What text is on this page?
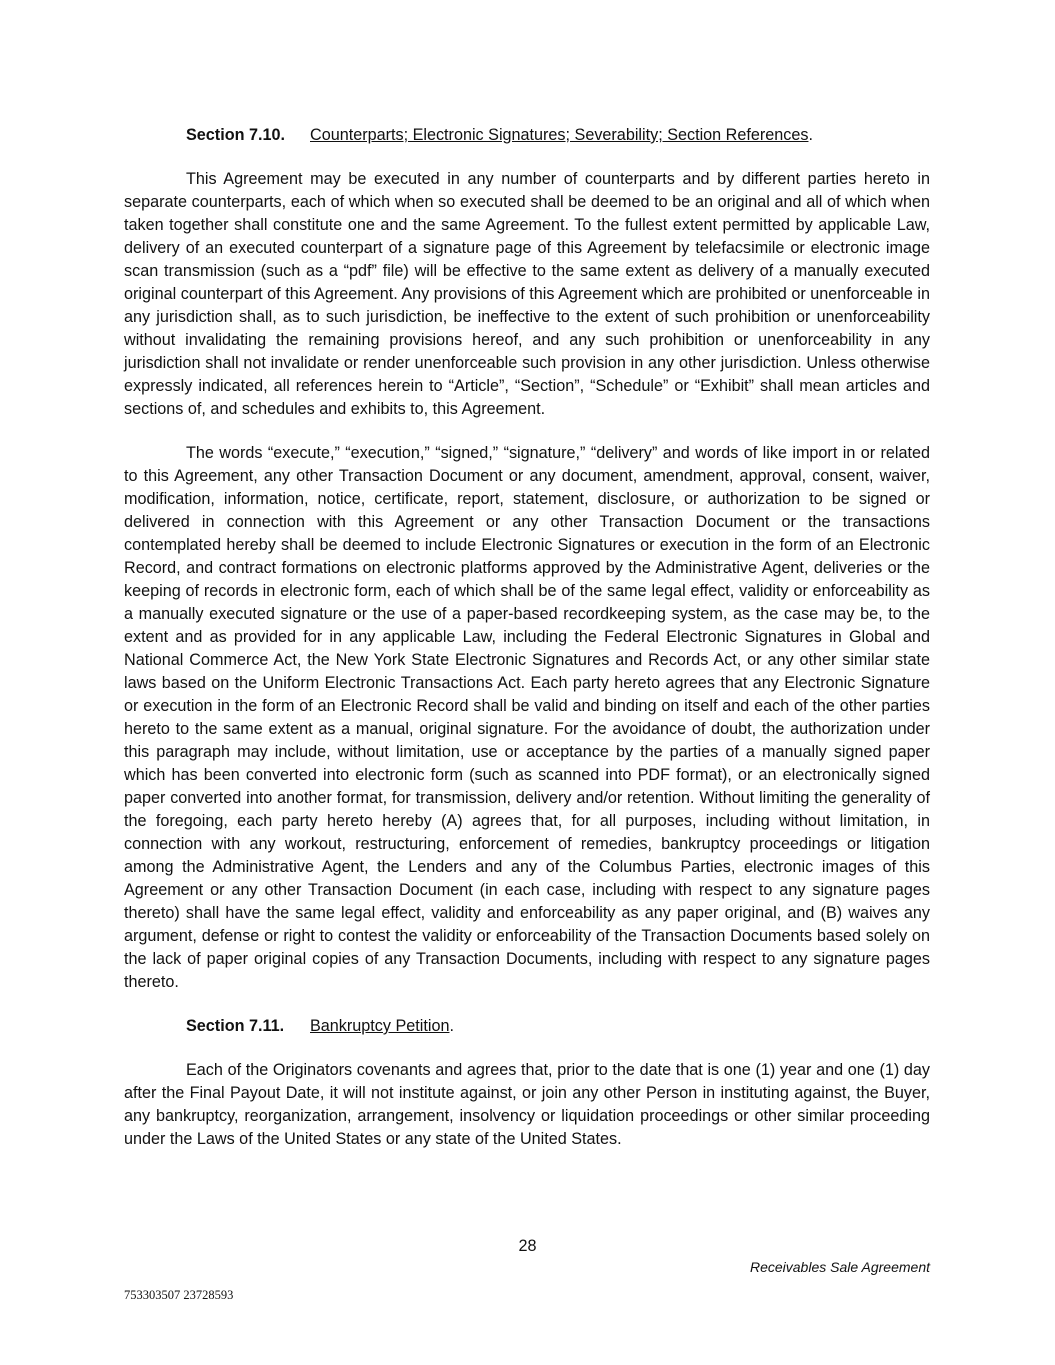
Section 7.10. Counterparts; Electronic Signatures; Severability; Section References.

This Agreement may be executed in any number of counterparts and by different parties hereto in separate counterparts, each of which when so executed shall be deemed to be an original and all of which when taken together shall constitute one and the same Agreement. To the fullest extent permitted by applicable Law, delivery of an executed counterpart of a signature page of this Agreement by telefacsimile or electronic image scan transmission (such as a “pdf” file) will be effective to the same extent as delivery of a manually executed original counterpart of this Agreement. Any provisions of this Agreement which are prohibited or unenforceable in any jurisdiction shall, as to such jurisdiction, be ineffective to the extent of such prohibition or unenforceability without invalidating the remaining provisions hereof, and any such prohibition or unenforceability in any jurisdiction shall not invalidate or render unenforceable such provision in any other jurisdiction. Unless otherwise expressly indicated, all references herein to “Article”, “Section”, “Schedule” or “Exhibit” shall mean articles and sections of, and schedules and exhibits to, this Agreement.

The words “execute,” “execution,” “signed,” “signature,” “delivery” and words of like import in or related to this Agreement, any other Transaction Document or any document, amendment, approval, consent, waiver, modification, information, notice, certificate, report, statement, disclosure, or authorization to be signed or delivered in connection with this Agreement or any other Transaction Document or the transactions contemplated hereby shall be deemed to include Electronic Signatures or execution in the form of an Electronic Record, and contract formations on electronic platforms approved by the Administrative Agent, deliveries or the keeping of records in electronic form, each of which shall be of the same legal effect, validity or enforceability as a manually executed signature or the use of a paper-based recordkeeping system, as the case may be, to the extent and as provided for in any applicable Law, including the Federal Electronic Signatures in Global and National Commerce Act, the New York State Electronic Signatures and Records Act, or any other similar state laws based on the Uniform Electronic Transactions Act. Each party hereto agrees that any Electronic Signature or execution in the form of an Electronic Record shall be valid and binding on itself and each of the other parties hereto to the same extent as a manual, original signature. For the avoidance of doubt, the authorization under this paragraph may include, without limitation, use or acceptance by the parties of a manually signed paper which has been converted into electronic form (such as scanned into PDF format), or an electronically signed paper converted into another format, for transmission, delivery and/or retention. Without limiting the generality of the foregoing, each party hereto hereby (A) agrees that, for all purposes, including without limitation, in connection with any workout, restructuring, enforcement of remedies, bankruptcy proceedings or litigation among the Administrative Agent, the Lenders and any of the Columbus Parties, electronic images of this Agreement or any other Transaction Document (in each case, including with respect to any signature pages thereto) shall have the same legal effect, validity and enforceability as any paper original, and (B) waives any argument, defense or right to contest the validity or enforceability of the Transaction Documents based solely on the lack of paper original copies of any Transaction Documents, including with respect to any signature pages thereto.

Section 7.11. Bankruptcy Petition.

Each of the Originators covenants and agrees that, prior to the date that is one (1) year and one (1) day after the Final Payout Date, it will not institute against, or join any other Person in instituting against, the Buyer, any bankruptcy, reorganization, arrangement, insolvency or liquidation proceedings or other similar proceeding under the Laws of the United States or any state of the United States.

28
Receivables Sale Agreement
753303507 23728593
